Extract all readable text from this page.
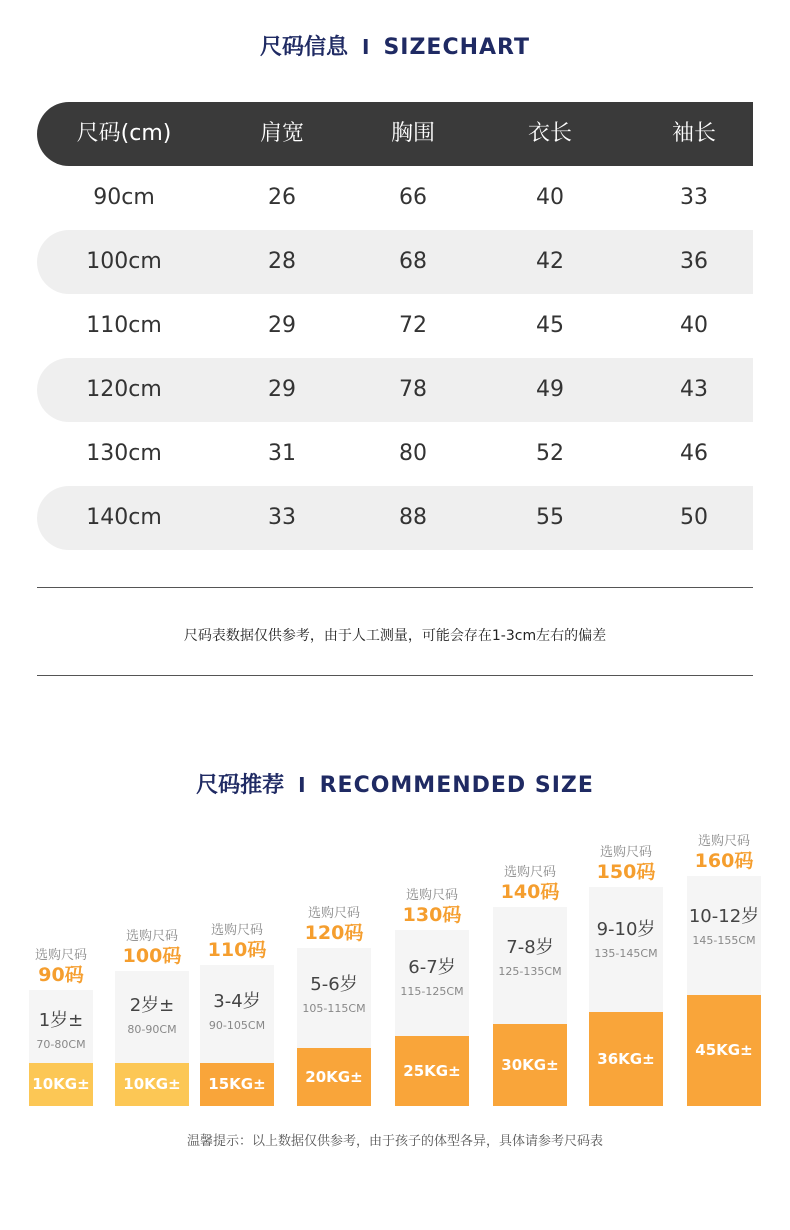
尺码信息 I SIZECHART
尺码(cm)	肩宽	胸围	衣长	袖长
90cm	26	66	40	33
100cm	28	68	42	36
110cm	29	72	45	40
120cm	29	78	49	43
130cm	31	80	52	46
140cm	33	88	55	50
尺码表数据仅供参考，由于人工测量，可能会存在1-3cm左右的偏差
尺码推荐 I RECOMMENDED SIZE
选购尺码
90码
1岁±
70-80CM
10KG±
选购尺码
100码
2岁±
80-90CM
10KG±
选购尺码
110码
3-4岁
90-105CM
15KG±
选购尺码
120码
5-6岁
105-115CM
20KG±
选购尺码
130码
6-7岁
115-125CM
25KG±
选购尺码
140码
7-8岁
125-135CM
30KG±
选购尺码
150码
9-10岁
135-145CM
36KG±
选购尺码
160码
10-12岁
145-155CM
45KG±
温馨提示：以上数据仅供参考，由于孩子的体型各异，具体请参考尺码表
